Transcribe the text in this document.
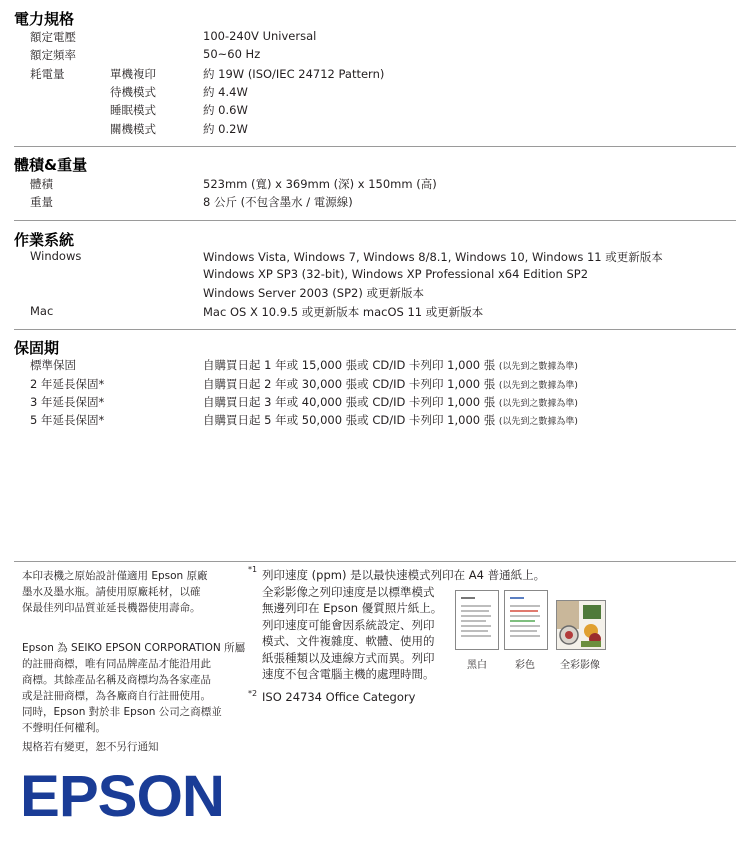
電力規格
額定電壓	100-240V Universal
額定頻率	50~60 Hz
耗電量	單機複印	約 19W (ISO/IEC 24712 Pattern)
待機模式	約 4.4W
睡眠模式	約 0.6W
關機模式	約 0.2W
體積&重量
體積	523mm (寬) x 369mm (深) x 150mm (高)
重量	8 公斤 (不包含墨水 / 電源線)
作業系統
Windows	Windows Vista, Windows 7, Windows 8/8.1, Windows 10, Windows 11 或更新版本
Windows XP SP3 (32-bit), Windows XP Professional x64 Edition SP2
Windows Server 2003 (SP2) 或更新版本
Mac	Mac OS X 10.9.5 或更新版本 macOS 11 或更新版本
保固期
標準保固	自購買日起 1 年或 15,000 張或 CD/ID 卡列印 1,000 張 (以先到之數據為準)
2 年延長保固*	自購買日起 2 年或 30,000 張或 CD/ID 卡列印 1,000 張 (以先到之數據為準)
3 年延長保固*	自購買日起 3 年或 40,000 張或 CD/ID 卡列印 1,000 張 (以先到之數據為準)
5 年延長保固*	自購買日起 5 年或 50,000 張或 CD/ID 卡列印 1,000 張 (以先到之數據為準)
本印表機之原始設計僅適用 Epson 原廠
墨水及墨水瓶。請使用原廠耗材，以確
保最佳列印品質並延長機器使用壽命。
Epson 為 SEIKO EPSON CORPORATION 所屬
的註冊商標，唯有同品牌產品才能沿用此
商標。其餘產品名稱及商標均為各家產品
或是註冊商標，為各廠商自行註冊使用。
同時，Epson 對於非 Epson 公司之商標並
不聲明任何權利。
規格若有變更，恕不另行通知
EPSON
*1 列印速度 (ppm) 是以最快速模式列印在 A4 普通紙上。
全彩影像之列印速度是以標準模式
無邊列印在 Epson 優質照片紙上。
列印速度可能會因系統設定、列印
模式、文件複雜度、軟體、使用的
紙張種類以及連線方式而異。列印
速度不包含電腦主機的處理時間。
黑白	彩色	全彩影像
*2 ISO 24734 Office Category
